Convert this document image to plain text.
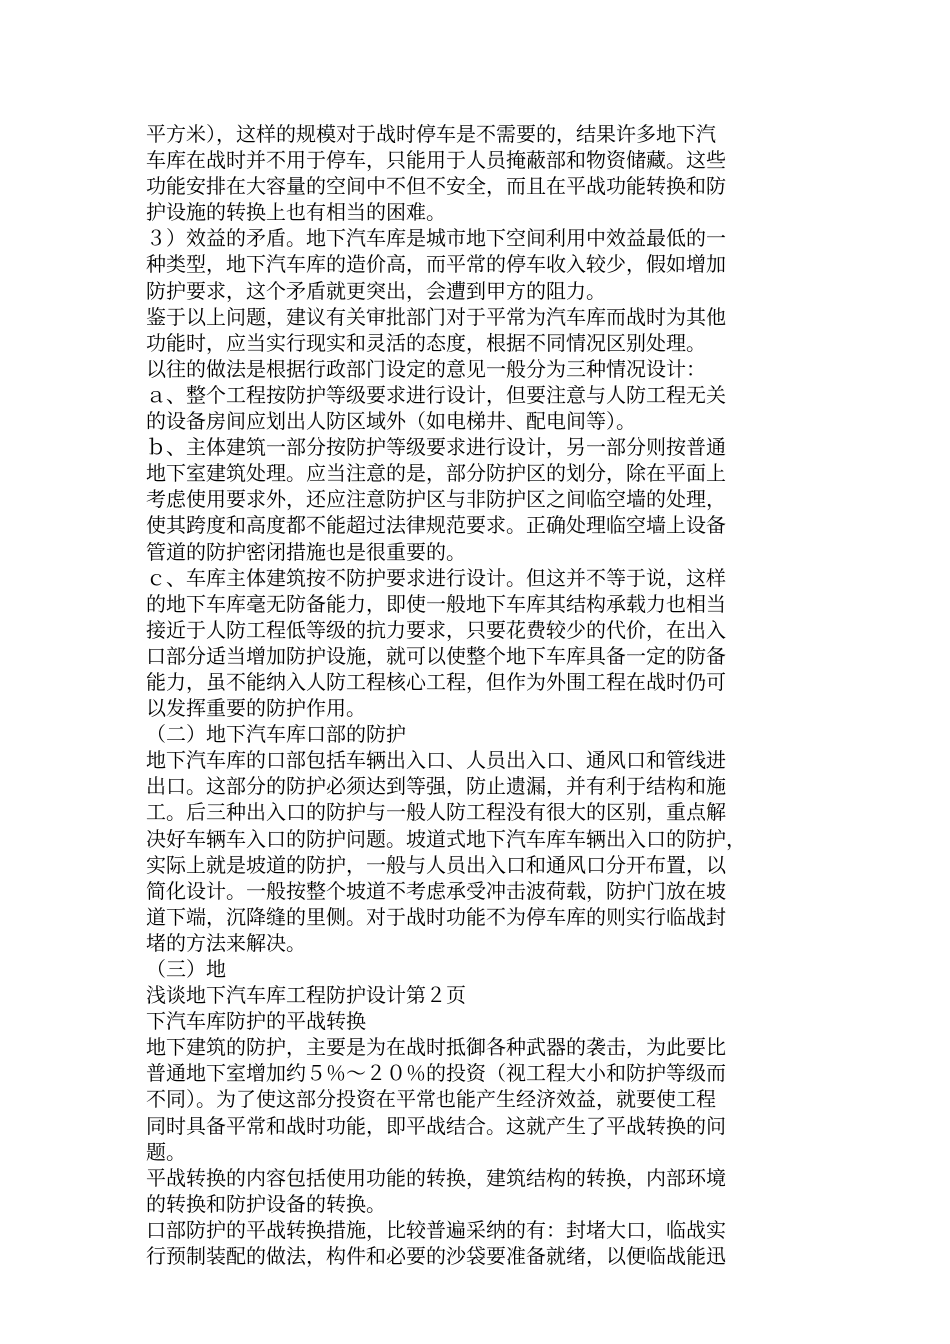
平方米），这样的规模对于战时停车是不需要的，结果许多地下汽
车库在战时并不用于停车，只能用于人员掩蔽部和物资储藏。这些
功能安排在大容量的空间中不但不安全，而且在平战功能转换和防
护设施的转换上也有相当的困难。
３）效益的矛盾。地下汽车库是城市地下空间利用中效益最低的一
种类型，地下汽车库的造价高，而平常的停车收入较少，假如增加
防护要求，这个矛盾就更突出，会遭到甲方的阻力。
鉴于以上问题，建议有关审批部门对于平常为汽车库而战时为其他
功能时，应当实行现实和灵活的态度，根据不同情况区别处理。
以往的做法是根据行政部门设定的意见一般分为三种情况设计：
ａ、整个工程按防护等级要求进行设计，但要注意与人防工程无关
的设备房间应划出人防区域外（如电梯井、配电间等）。
ｂ、主体建筑一部分按防护等级要求进行设计，另一部分则按普通
地下室建筑处理。应当注意的是，部分防护区的划分，除在平面上
考虑使用要求外，还应注意防护区与非防护区之间临空墙的处理，
使其跨度和高度都不能超过法律规范要求。正确处理临空墙上设备
管道的防护密闭措施也是很重要的。
ｃ、车库主体建筑按不防护要求进行设计。但这并不等于说，这样
的地下车库毫无防备能力，即使一般地下车库其结构承载力也相当
接近于人防工程低等级的抗力要求，只要花费较少的代价，在出入
口部分适当增加防护设施，就可以使整个地下车库具备一定的防备
能力，虽不能纳入人防工程核心工程，但作为外围工程在战时仍可
以发挥重要的防护作用。
（二）地下汽车库口部的防护
地下汽车库的口部包括车辆出入口、人员出入口、通风口和管线进
出口。这部分的防护必须达到等强，防止遗漏，并有利于结构和施
工。后三种出入口的防护与一般人防工程没有很大的区别，重点解
决好车辆车入口的防护问题。坡道式地下汽车库车辆出入口的防护，
实际上就是坡道的防护，一般与人员出入口和通风口分开布置，以
简化设计。一般按整个坡道不考虑承受冲击波荷载，防护门放在坡
道下端，沉降缝的里侧。对于战时功能不为停车库的则实行临战封
堵的方法来解决。
（三）地
浅谈地下汽车库工程防护设计第２页
下汽车库防护的平战转换
地下建筑的防护，主要是为在战时抵御各种武器的袭击，为此要比
普通地下室增加约５％～２０％的投资（视工程大小和防护等级而
不同）。为了使这部分投资在平常也能产生经济效益，就要使工程
同时具备平常和战时功能，即平战结合。这就产生了平战转换的问
题。
平战转换的内容包括使用功能的转换，建筑结构的转换，内部环境
的转换和防护设备的转换。
口部防护的平战转换措施，比较普遍采纳的有：封堵大口，临战实
行预制装配的做法，构件和必要的沙袋要准备就绪，以便临战能迅
